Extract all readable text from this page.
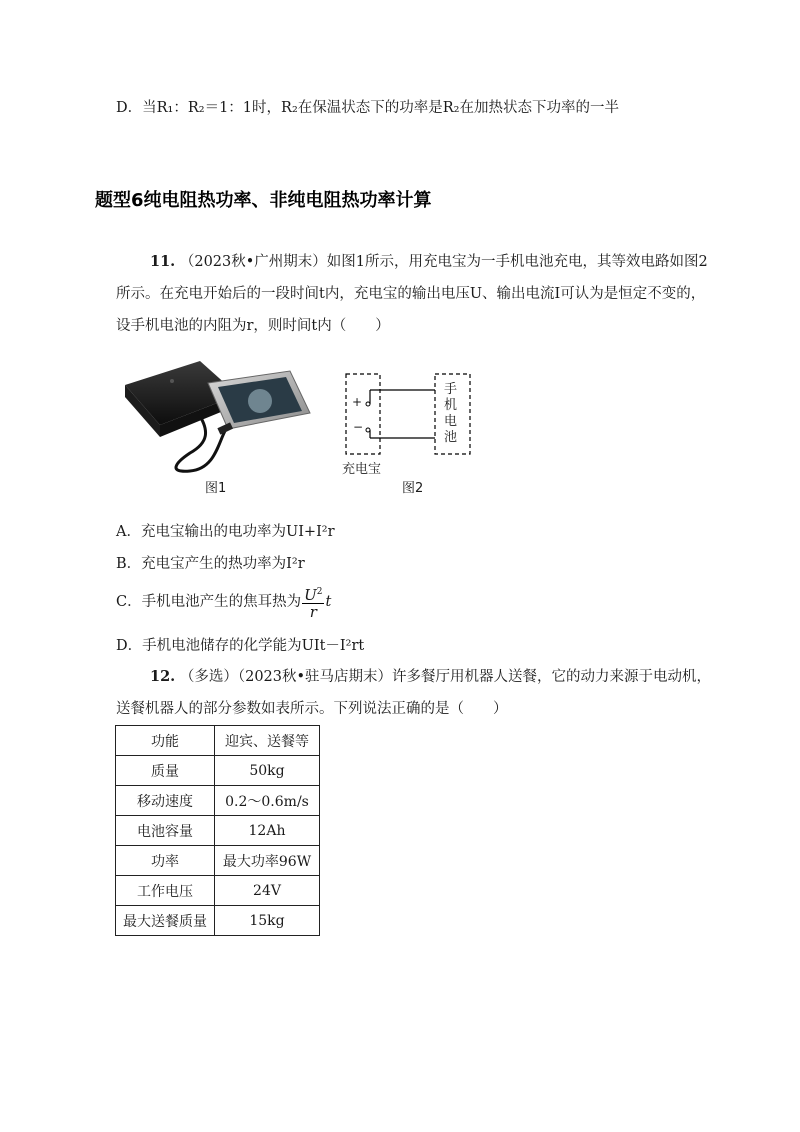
D．当R₁：R₂＝1：1时，R₂在保温状态下的功率是R₂在加热状态下功率的一半
题型6纯电阻热功率、非纯电阻热功率计算
11. （2023秋•广州期末）如图1所示，用充电宝为一手机电池充电，其等效电路如图2
所示。在充电开始后的一段时间t内，充电宝的输出电压U、输出电流I可认为是恒定不变的，
设手机电池的内阻为r，则时间t内（　　）
图1
+
−
手
机
电
池
充电宝
图2
A．充电宝输出的电功率为UI+I²r
B．充电宝产生的热功率为I²r
C．手机电池产生的焦耳热为 $\frac{U^2}{r}$ t
D．手机电池储存的化学能为UIt－I²rt
12. （多选）（2023秋•驻马店期末）许多餐厅用机器人送餐，它的动力来源于电动机，
送餐机器人的部分参数如表所示。下列说法正确的是（　　）
功能	迎宾、送餐等
质量	50kg
移动速度	0.2～0.6m/s
电池容量	12Ah
功率	最大功率96W
工作电压	24V
最大送餐质量	15kg
